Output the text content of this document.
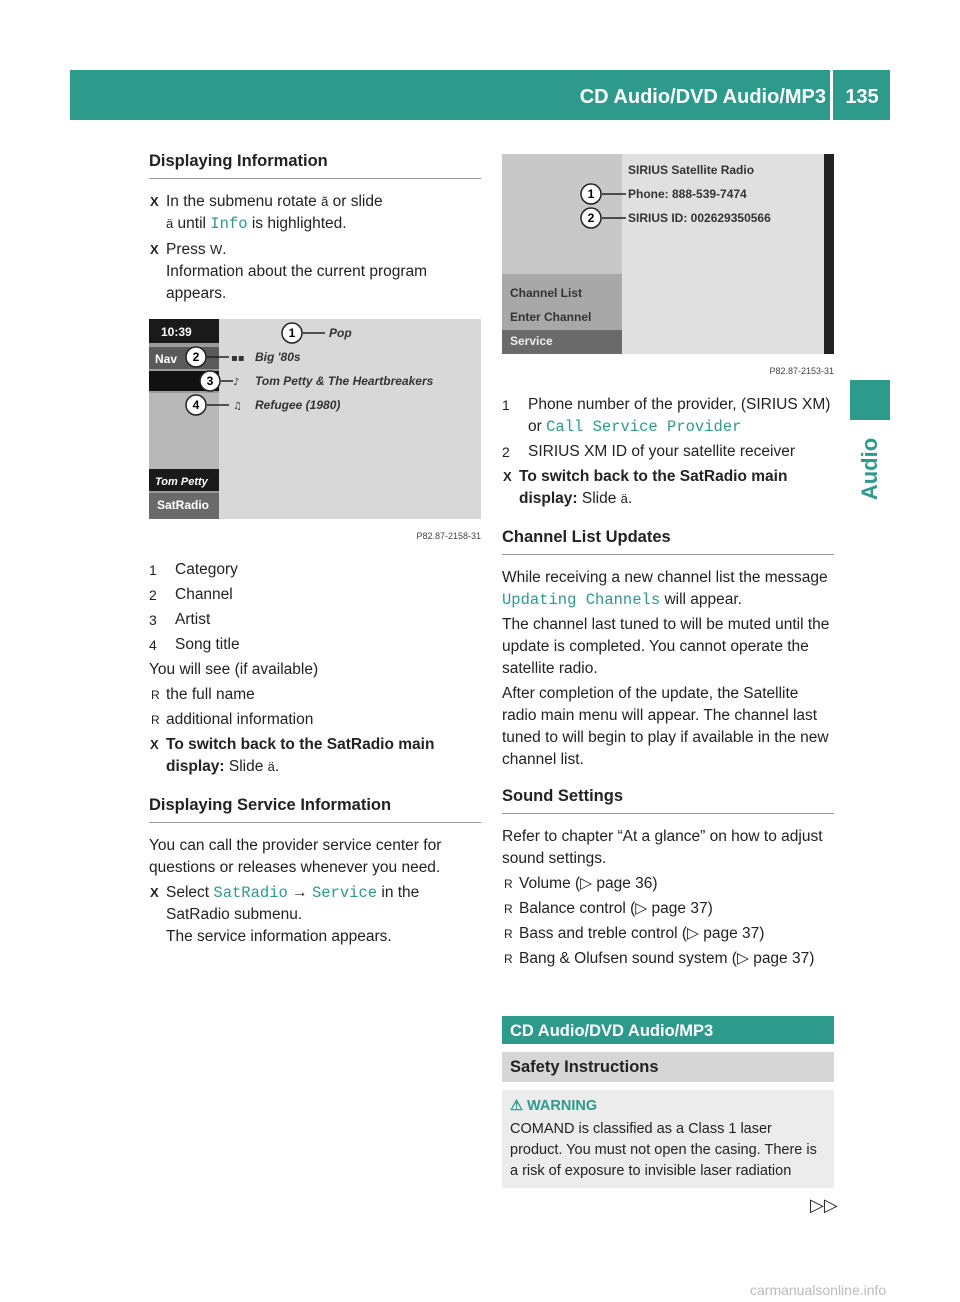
CD Audio/DVD Audio/MP3 135
Audio
Displaying Information
X In the submenu rotate ã or slide
ä until Info is highlighted.
X Press W.
Information about the current program appears.
10:39
Nav
Tom Petty
SatRadio
Pop
Big '80s
Tom Petty & The Heartbreakers
Refugee (1980)
▪▪
♪
♫
1
2
3
4
P82.87-2158-31
1 Category
2 Channel
3 Artist
4 Song title

You will see (if available)

R the full name
R additional information
X To switch back to the SatRadio main display: Slide ä.
Displaying Service Information

You can call the provider service center for questions or releases whenever you need.

X Select SatRadio → Service in the
SatRadio submenu.
The service information appears.
SIRIUS Satellite Radio
Phone: 888-539-7474
SIRIUS ID: 002629350566
Channel List
Enter Channel
Service
1
2
P82.87-2153-31
1 Phone number of the provider, (SIRIUS XM) or Call Service Provider
2 SIRIUS XM ID of your satellite receiver
X To switch back to the SatRadio main display: Slide ä.
Channel List Updates

While receiving a new channel list the message Updating Channels will appear.

The channel last tuned to will be muted until the update is completed. You cannot operate the satellite radio.

After completion of the update, the Satellite radio main menu will appear. The channel last tuned to will begin to play if available in the new channel list.

Sound Settings

Refer to chapter “At a glance” on how to adjust sound settings.

R Volume (▷ page 36)
R Balance control (▷ page 37)
R Bass and treble control (▷ page 37)
R Bang & Olufsen sound system (▷ page 37)
CD Audio/DVD Audio/MP3
Safety Instructions
⚠ WARNING
COMAND is classified as a Class 1 laser product. You must not open the casing. There is a risk of exposure to invisible laser radiation
▷▷
carmanualsonline.info
